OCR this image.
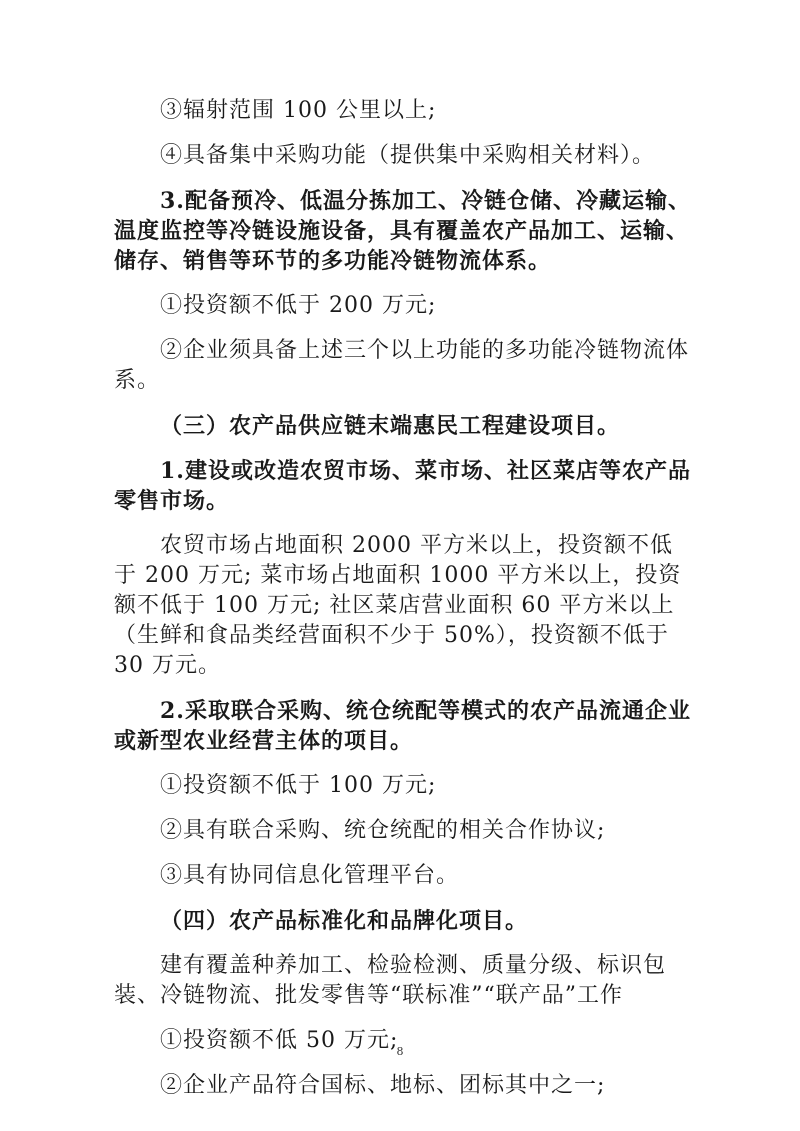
③辐射范围 100 公里以上;

④具备集中采购功能（提供集中采购相关材料）。

3.配备预冷、低温分拣加工、冷链仓储、冷藏运输、温度监控等冷链设施设备，具有覆盖农产品加工、运输、储存、销售等环节的多功能冷链物流体系。

①投资额不低于 200 万元;

②企业须具备上述三个以上功能的多功能冷链物流体系。

（三）农产品供应链末端惠民工程建设项目。

1.建设或改造农贸市场、菜市场、社区菜店等农产品零售市场。

农贸市场占地面积 2000 平方米以上，投资额不低于 200 万元; 菜市场占地面积 1000 平方米以上，投资额不低于 100 万元; 社区菜店营业面积 60 平方米以上（生鲜和食品类经营面积不少于 50%），投资额不低于 30 万元。

2.采取联合采购、统仓统配等模式的农产品流通企业或新型农业经营主体的项目。

①投资额不低于 100 万元;

②具有联合采购、统仓统配的相关合作协议;

③具有协同信息化管理平台。

（四）农产品标准化和品牌化项目。

建有覆盖种养加工、检验检测、质量分级、标识包装、冷链物流、批发零售等“联标准”“联产品”工作

①投资额不低 50 万元;

②企业产品符合国标、地标、团标其中之一;

8
